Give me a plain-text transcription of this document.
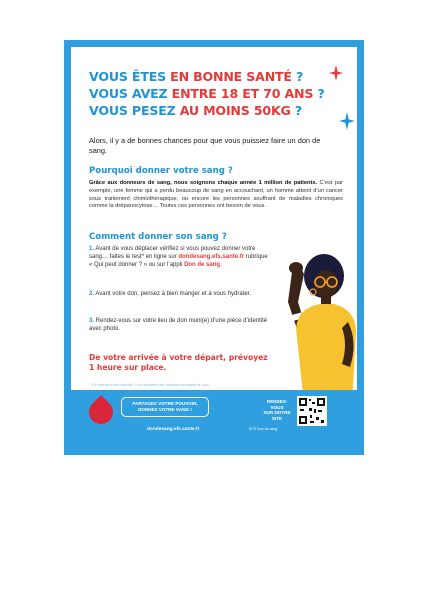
VOUS ÊTES EN BONNE SANTÉ ?
VOUS AVEZ ENTRE 18 ET 70 ANS ?
VOUS PESEZ AU MOINS 50KG ?
Alors, il y a de bonnes chances pour que vous puissiez faire un don de sang.
Pourquoi donner votre sang ?
Grâce aux donneurs de sang, nous soignons chaque année 1 million de patients. C’est par exemple, une femme qui a perdu beaucoup de sang en accouchant, un homme atteint d’un cancer sous traitement chimiothérapique, ou encore les personnes souffrant de maladies chroniques comme la drépanocytose… Toutes ces personnes ont besoin de vous.
Comment donner son sang ?
1. Avant de vous déplacer vérifiez si vous pouvez donner votre sang… faites le test* en ligne sur dondesang.efs.sante.fr rubrique « Qui peut donner ? » ou sur l’appli Don de sang.
2. Avant votre don, pensez à bien manger et à vous hydrater.
3. Rendez-vous sur votre lieu de don muni(e) d’une pièce d’identité avec photo.
De votre arrivée à votre départ, prévoyez 1 heure sur place.
*Ce test est à titre indicatif. Il ne remplace pas l’entretien préalable au don.
PARTAGEZ VOTRE POUVOIR,
DONNEZ VOTRE SANG !
dondesang.efs.sante.fr
RENDEZ-VOUS
SUR NOTRE SITE
EFS Don de sang
